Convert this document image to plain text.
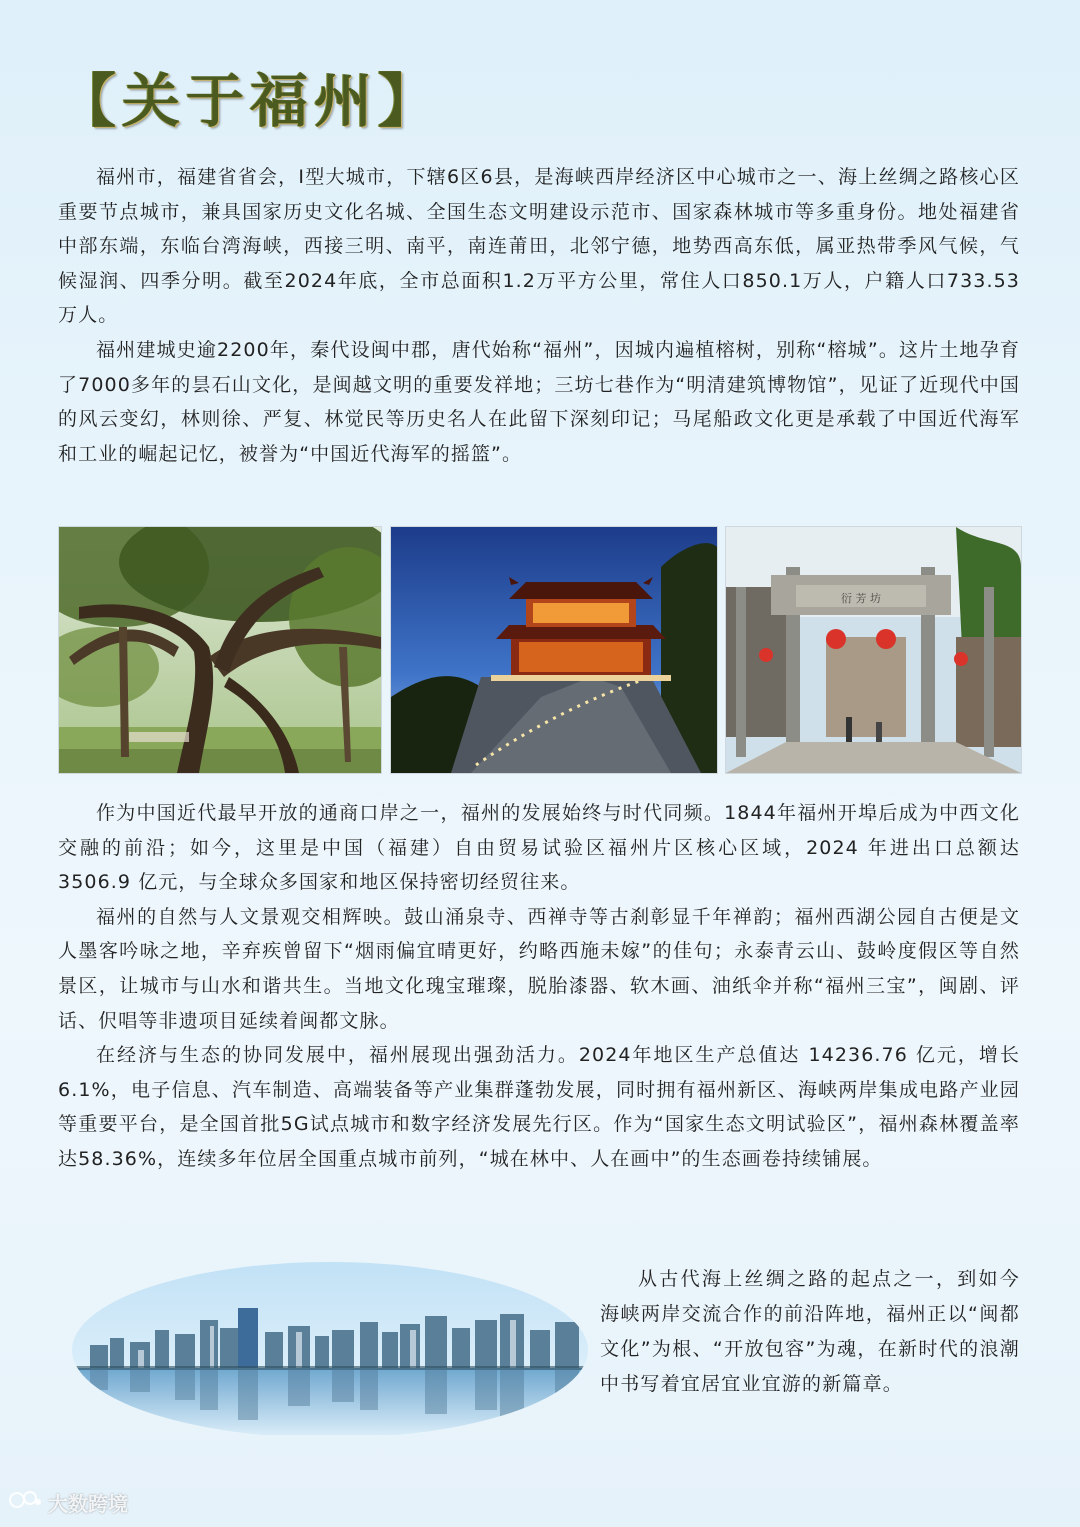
【关于福州】

福州市，福建省省会，Ⅰ型大城市，下辖6区6县，是海峡西岸经济区中心城市之一、海上丝绸之路核心区重要节点城市，兼具国家历史文化名城、全国生态文明建设示范市、国家森林城市等多重身份。地处福建省中部东端，东临台湾海峡，西接三明、南平，南连莆田，北邻宁德，地势西高东低，属亚热带季风气候，气候湿润、四季分明。截至2024年底，全市总面积1.2万平方公里，常住人口850.1万人，户籍人口733.53万人。

福州建城史逾2200年，秦代设闽中郡，唐代始称“福州”，因城内遍植榕树，别称“榕城”。这片土地孕育了7000多年的昙石山文化，是闽越文明的重要发祥地；三坊七巷作为“明清建筑博物馆”，见证了近现代中国的风云变幻，林则徐、严复、林觉民等历史名人在此留下深刻印记；马尾船政文化更是承载了中国近代海军和工业的崛起记忆，被誉为“中国近代海军的摇篮”。

衍 芳 坊

作为中国近代最早开放的通商口岸之一，福州的发展始终与时代同频。1844年福州开埠后成为中西文化交融的前沿；如今，这里是中国（福建）自由贸易试验区福州片区核心区域，2024 年进出口总额达 3506.9 亿元，与全球众多国家和地区保持密切经贸往来。

福州的自然与人文景观交相辉映。鼓山涌泉寺、西禅寺等古刹彰显千年禅韵；福州西湖公园自古便是文人墨客吟咏之地，辛弃疾曾留下“烟雨偏宜晴更好，约略西施未嫁”的佳句；永泰青云山、鼓岭度假区等自然景区，让城市与山水和谐共生。当地文化瑰宝璀璨，脱胎漆器、软木画、油纸伞并称“福州三宝”，闽剧、评话、伬唱等非遗项目延续着闽都文脉。

在经济与生态的协同发展中，福州展现出强劲活力。2024年地区生产总值达 14236.76 亿元，增长6.1%，电子信息、汽车制造、高端装备等产业集群蓬勃发展，同时拥有福州新区、海峡两岸集成电路产业园等重要平台，是全国首批5G试点城市和数字经济发展先行区。作为“国家生态文明试验区”，福州森林覆盖率达58.36%，连续多年位居全国重点城市前列，“城在林中、人在画中”的生态画卷持续铺展。

从古代海上丝绸之路的起点之一，到如今海峡两岸交流合作的前沿阵地，福州正以“闽都文化”为根、“开放包容”为魂，在新时代的浪潮中书写着宜居宜业宜游的新篇章。

大数跨境
